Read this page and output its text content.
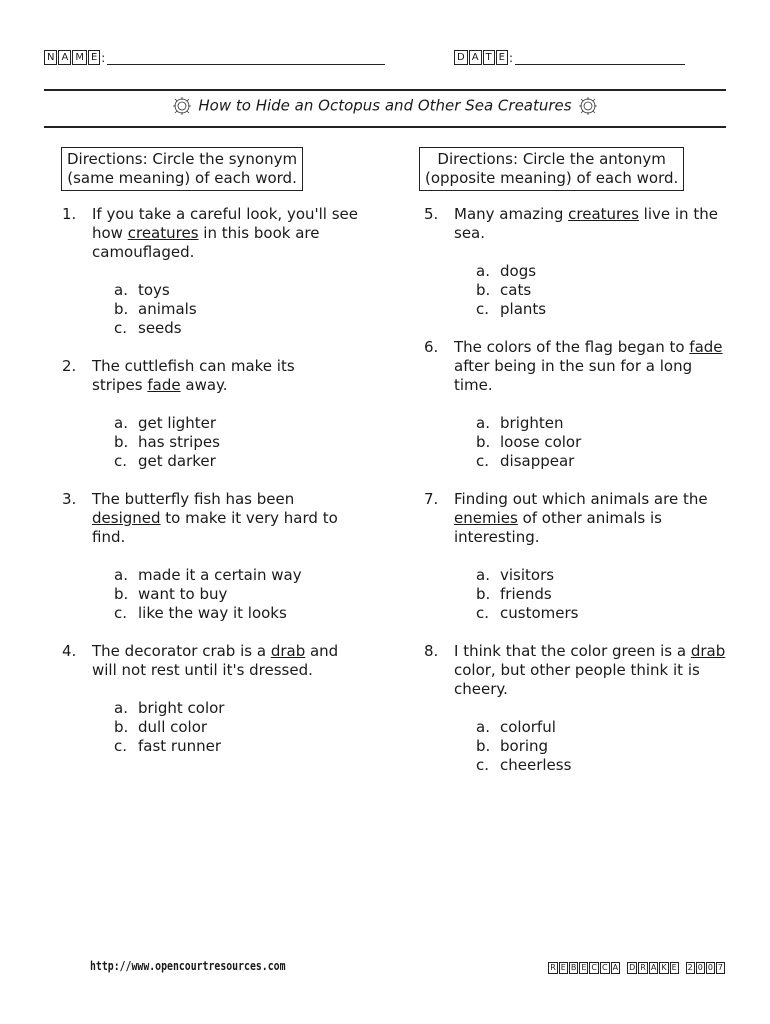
N A M E :	D A T E :
How to Hide an Octopus and Other Sea Creatures
Directions: Circle the synonym
(same meaning) of each word.
Directions: Circle the antonym
(opposite meaning) of each word.
1. If you take a careful look, you'll see how creatures in this book are camouflaged.
a. toys
b. animals
c. seeds
2. The cuttlefish can make its stripes fade away.
a. get lighter
b. has stripes
c. get darker
3. The butterfly fish has been designed to make it very hard to find.
a. made it a certain way
b. want to buy
c. like the way it looks
4. The decorator crab is a drab and will not rest until it's dressed.
a. bright color
b. dull color
c. fast runner
5. Many amazing creatures live in the sea.
a. dogs
b. cats
c. plants
6. The colors of the flag began to fade after being in the sun for a long time.
a. brighten
b. loose color
c. disappear
7. Finding out which animals are the enemies of other animals is interesting.
a. visitors
b. friends
c. customers
8. I think that the color green is a drab color, but other people think it is cheery.
a. colorful
b. boring
c. cheerless
http://www.opencourtresources.com	R E B E C C A D R A K E 2 0 0 7
